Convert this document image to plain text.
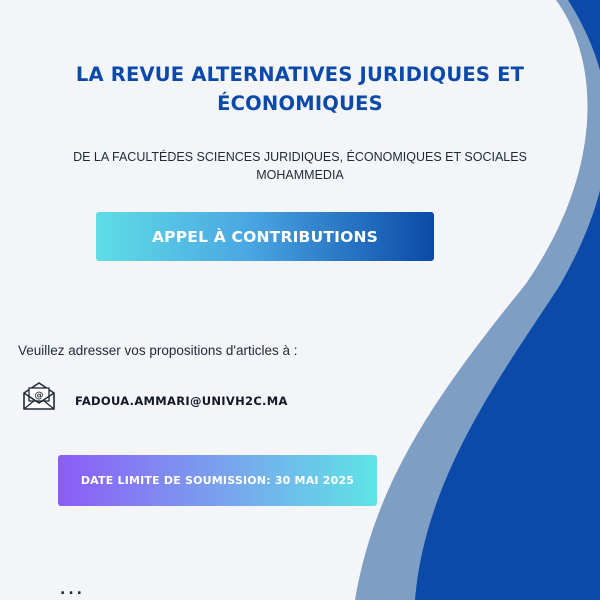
LA REVUE ALTERNATIVES JURIDIQUES ET
ÉCONOMIQUES
DE LA FACULTÉDES SCIENCES JURIDIQUES, ÉCONOMIQUES ET SOCIALES
MOHAMMEDIA
APPEL À CONTRIBUTIONS
Veuillez adresser vos propositions d'articles à :
@	FADOUA.AMMARI@UNIVH2C.MA
DATE LIMITE DE SOUMISSION: 30 MAI 2025
...
